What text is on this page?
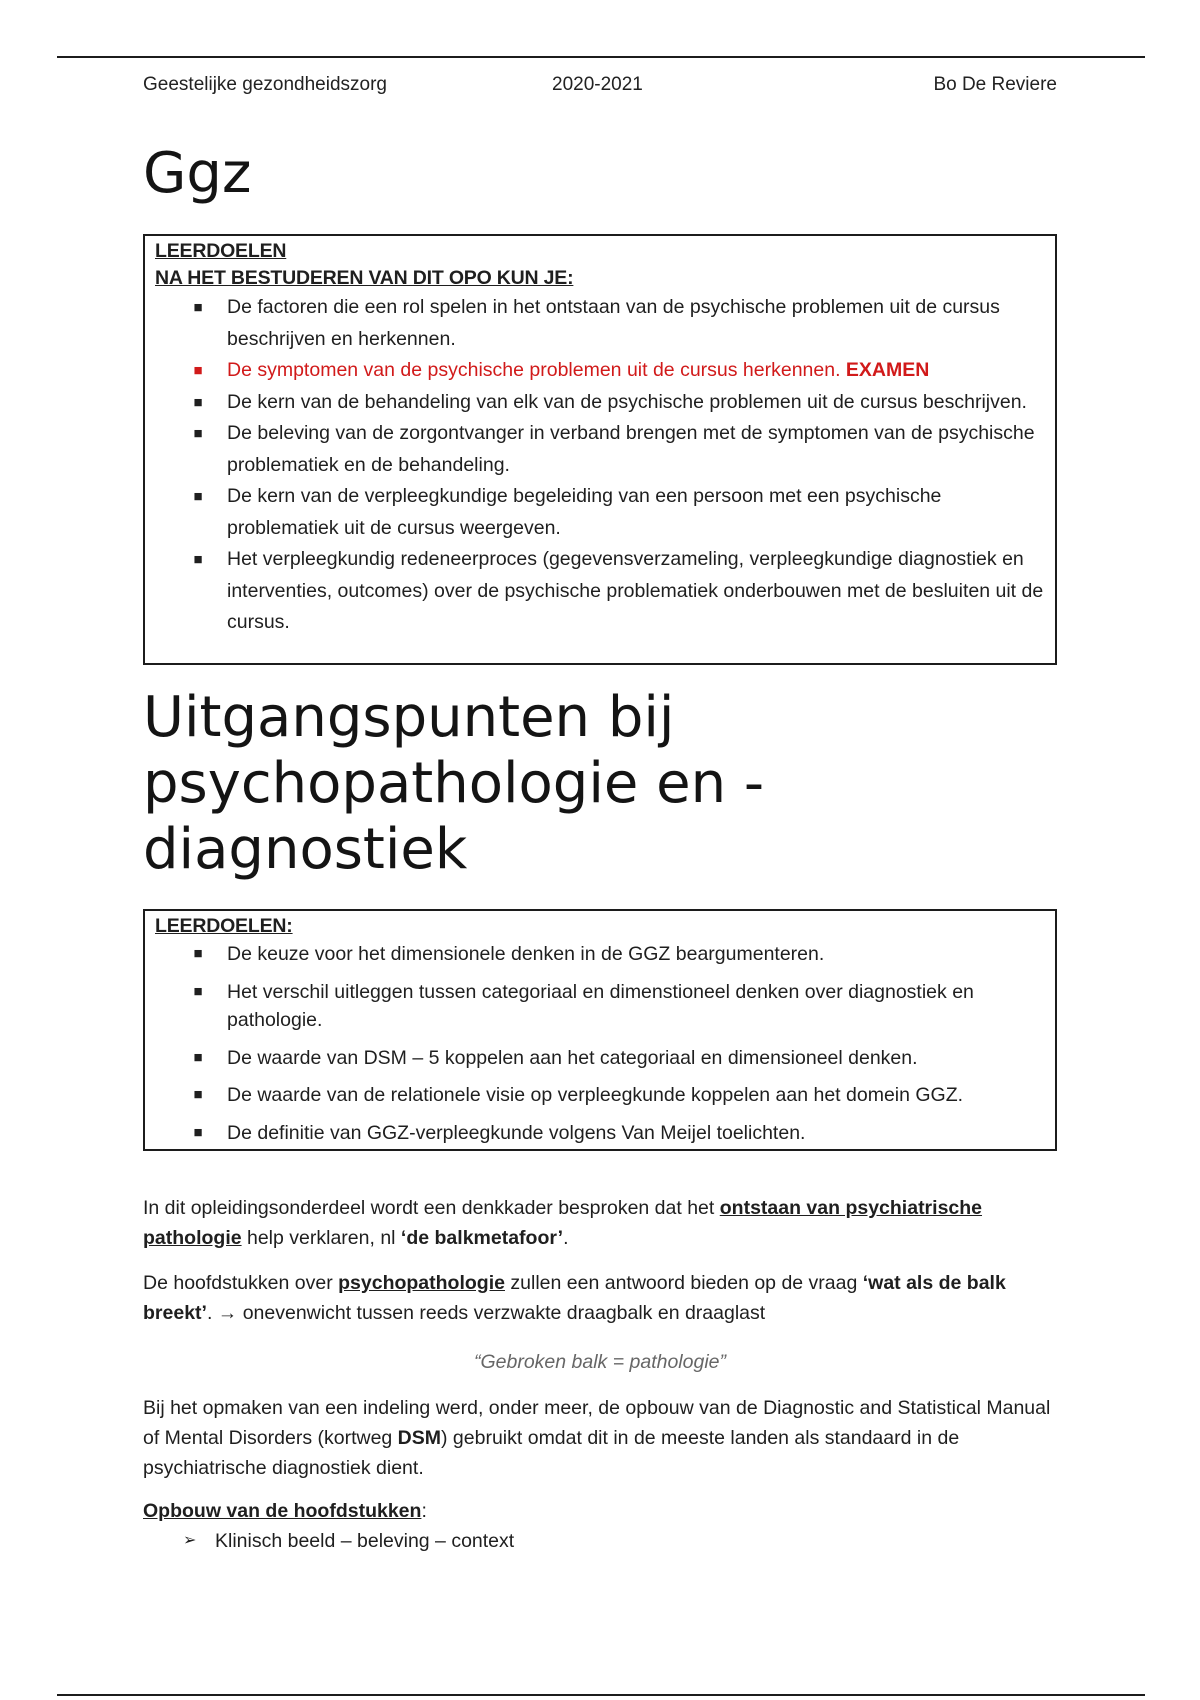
Geestelijke gezondheidszorg	2020-2021	Bo De Reviere
Ggz
LEERDOELEN
NA HET BESTUDEREN VAN DIT OPO KUN JE:
■ De factoren die een rol spelen in het ontstaan van de psychische problemen uit de cursus beschrijven en herkennen.
■ De symptomen van de psychische problemen uit de cursus herkennen. EXAMEN
■ De kern van de behandeling van elk van de psychische problemen uit de cursus beschrijven.
■ De beleving van de zorgontvanger in verband brengen met de symptomen van de psychische problematiek en de behandeling.
■ De kern van de verpleegkundige begeleiding van een persoon met een psychische problematiek uit de cursus weergeven.
■ Het verpleegkundig redeneerproces (gegevensverzameling, verpleegkundige diagnostiek en interventies, outcomes) over de psychische problematiek onderbouwen met de besluiten uit de cursus.
Uitgangspunten bij
psychopathologie en -
diagnostiek
LEERDOELEN:
■ De keuze voor het dimensionele denken in de GGZ beargumenteren.
■ Het verschil uitleggen tussen categoriaal en dimenstioneel denken over diagnostiek en pathologie.
■ De waarde van DSM – 5 koppelen aan het categoriaal en dimensioneel denken.
■ De waarde van de relationele visie op verpleegkunde koppelen aan het domein GGZ.
■ De definitie van GGZ-verpleegkunde volgens Van Meijel toelichten.

In dit opleidingsonderdeel wordt een denkkader besproken dat het ontstaan van psychiatrische pathologie help verklaren, nl ‘de balkmetafoor’.

De hoofdstukken over psychopathologie zullen een antwoord bieden op de vraag ‘wat als de balk breekt’. → onevenwicht tussen reeds verzwakte draagbalk en draaglast

“Gebroken balk = pathologie”

Bij het opmaken van een indeling werd, onder meer, de opbouw van de Diagnostic and Statistical Manual of Mental Disorders (kortweg DSM) gebruikt omdat dit in de meeste landen als standaard in de psychiatrische diagnostiek dient.

Opbouw van de hoofdstukken:
➢ Klinisch beeld – beleving – context
